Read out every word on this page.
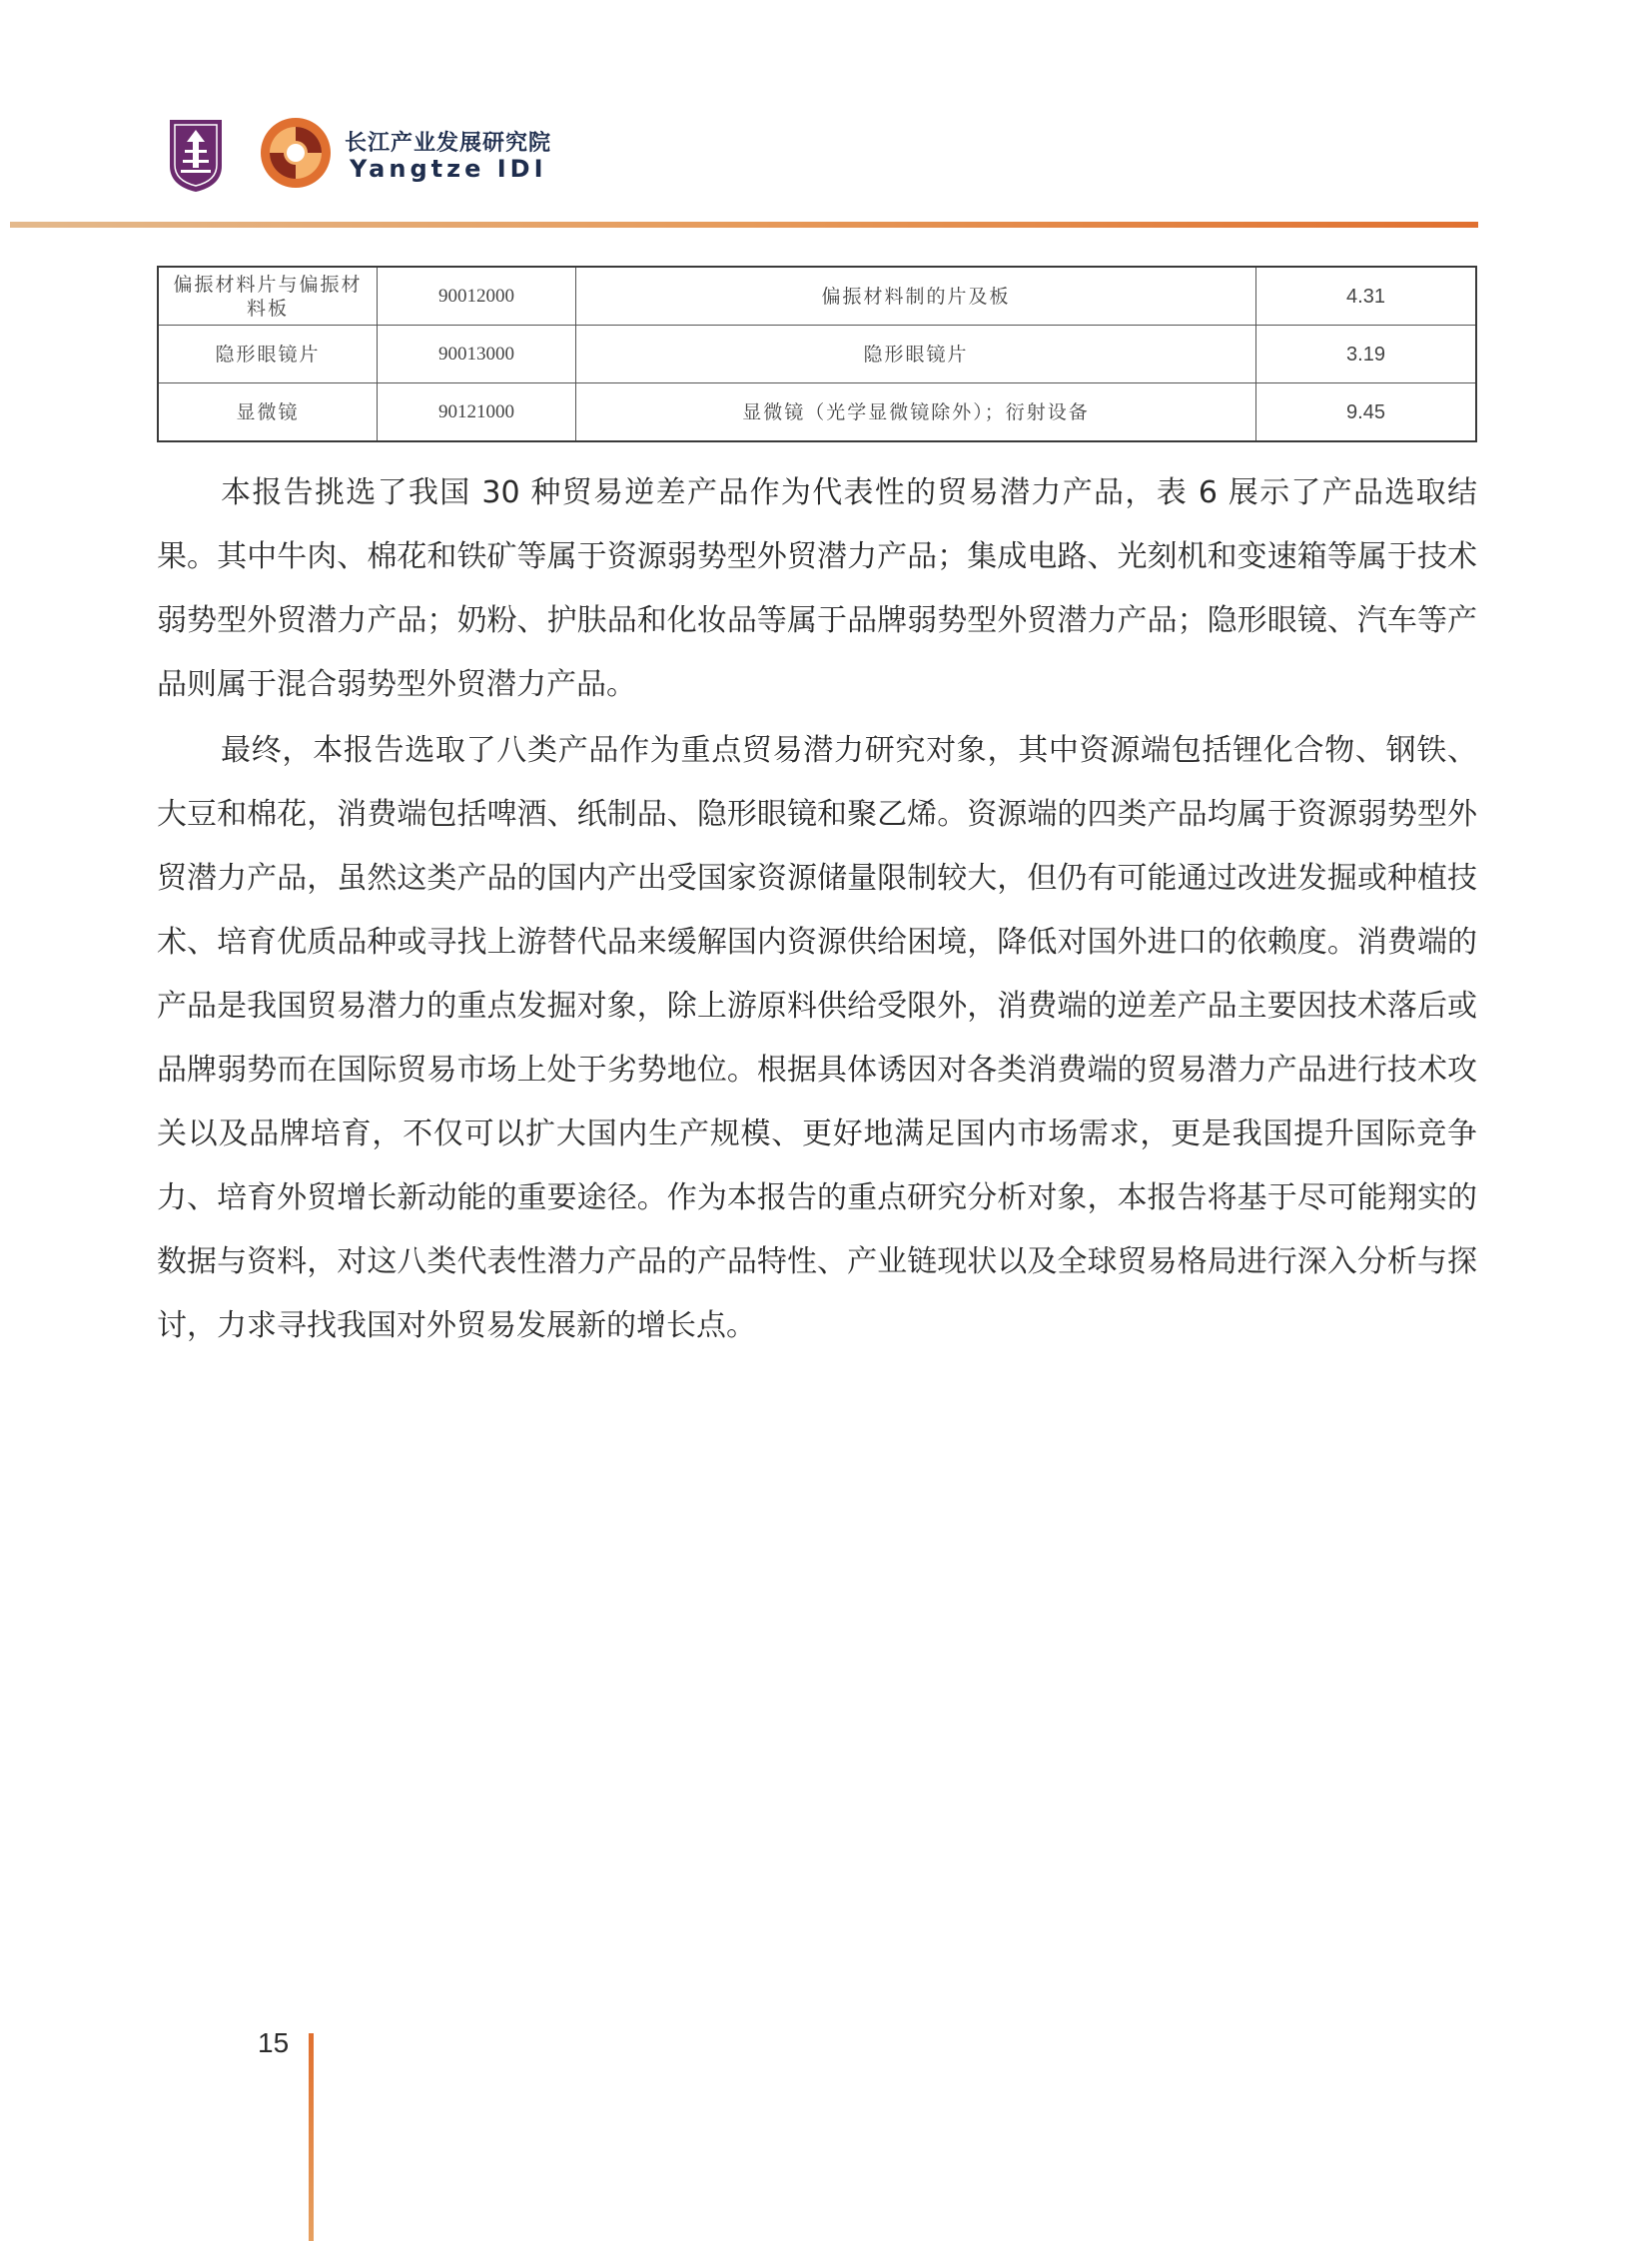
长江产业发展研究院
Yangtze IDI
偏振材料片与偏振材料板	90012000	偏振材料制的片及板	4.31
隐形眼镜片	90013000	隐形眼镜片	3.19
显微镜	90121000	显微镜（光学显微镜除外）；衍射设备	9.45

本报告挑选了我国 30 种贸易逆差产品作为代表性的贸易潜力产品，表 6 展示了产品选取结果。其中牛肉、棉花和铁矿等属于资源弱势型外贸潜力产品；集成电路、光刻机和变速箱等属于技术弱势型外贸潜力产品；奶粉、护肤品和化妆品等属于品牌弱势型外贸潜力产品；隐形眼镜、汽车等产品则属于混合弱势型外贸潜力产品。

最终，本报告选取了八类产品作为重点贸易潜力研究对象，其中资源端包括锂化合物、钢铁、大豆和棉花，消费端包括啤酒、纸制品、隐形眼镜和聚乙烯。资源端的四类产品均属于资源弱势型外贸潜力产品，虽然这类产品的国内产出受国家资源储量限制较大，但仍有可能通过改进发掘或种植技术、培育优质品种或寻找上游替代品来缓解国内资源供给困境，降低对国外进口的依赖度。消费端的产品是我国贸易潜力的重点发掘对象，除上游原料供给受限外，消费端的逆差产品主要因技术落后或品牌弱势而在国际贸易市场上处于劣势地位。根据具体诱因对各类消费端的贸易潜力产品进行技术攻关以及品牌培育，不仅可以扩大国内生产规模、更好地满足国内市场需求，更是我国提升国际竞争力、培育外贸增长新动能的重要途径。作为本报告的重点研究分析对象，本报告将基于尽可能翔实的数据与资料，对这八类代表性潜力产品的产品特性、产业链现状以及全球贸易格局进行深入分析与探讨，力求寻找我国对外贸易发展新的增长点。

15
